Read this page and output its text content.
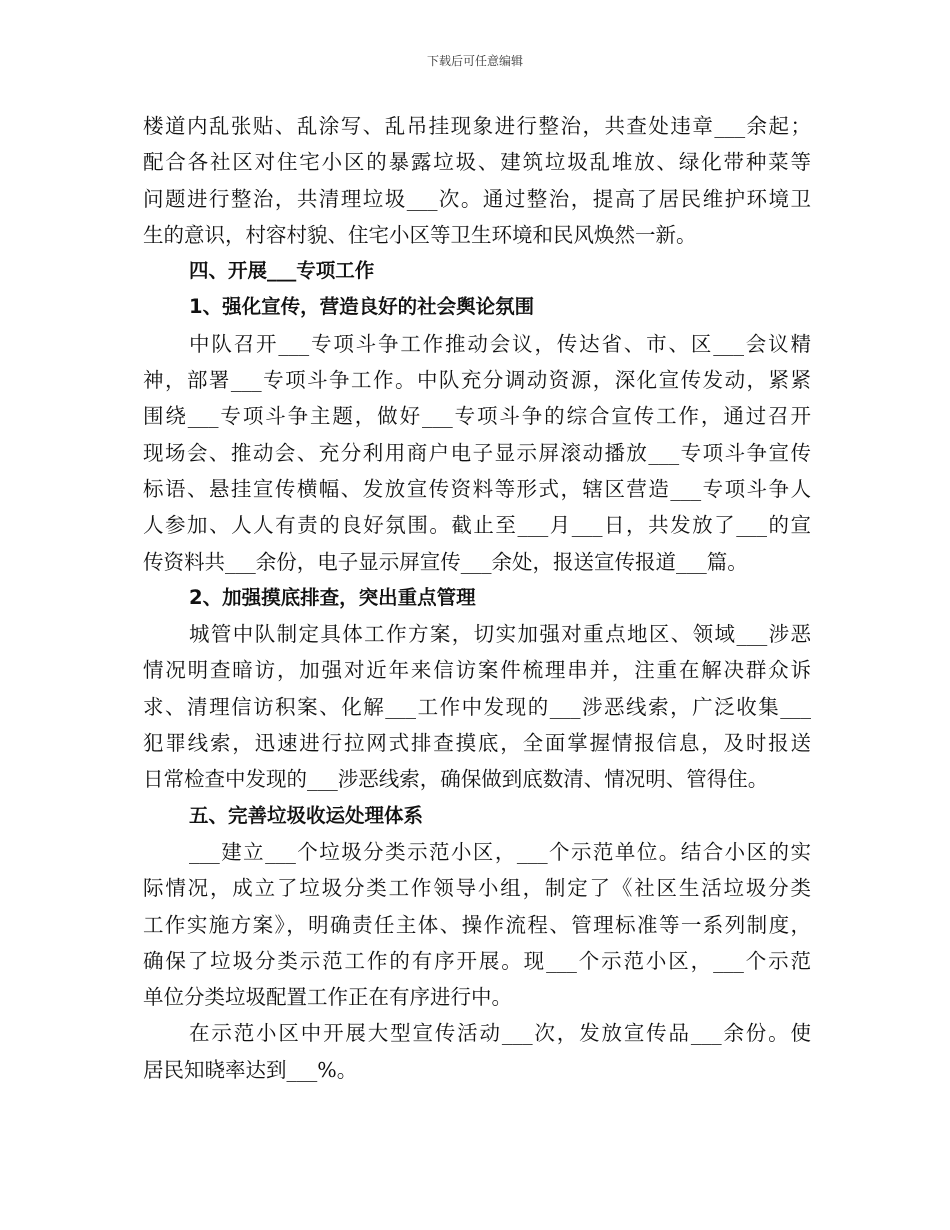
下载后可任意编辑
楼道内乱张贴、乱涂写、乱吊挂现象进行整治，共查处违章___余起；
配合各社区对住宅小区的暴露垃圾、建筑垃圾乱堆放、绿化带种菜等
问题进行整治，共清理垃圾___次。通过整治，提高了居民维护环境卫
生的意识，村容村貌、住宅小区等卫生环境和民风焕然一新。
四、开展___专项工作
1、强化宣传，营造良好的社会舆论氛围
中队召开___专项斗争工作推动会议，传达省、市、区___会议精
神，部署___专项斗争工作。中队充分调动资源，深化宣传发动，紧紧
围绕___专项斗争主题，做好___专项斗争的综合宣传工作，通过召开
现场会、推动会、充分利用商户电子显示屏滚动播放___专项斗争宣传
标语、悬挂宣传横幅、发放宣传资料等形式，辖区营造___专项斗争人
人参加、人人有责的良好氛围。截止至___月___日，共发放了___的宣
传资料共___余份，电子显示屏宣传___余处，报送宣传报道___篇。
2、加强摸底排查，突出重点管理
城管中队制定具体工作方案，切实加强对重点地区、领域___涉恶
情况明查暗访，加强对近年来信访案件梳理串并，注重在解决群众诉
求、清理信访积案、化解___工作中发现的___涉恶线索，广泛收集___
犯罪线索，迅速进行拉网式排查摸底，全面掌握情报信息，及时报送
日常检查中发现的___涉恶线索，确保做到底数清、情况明、管得住。
五、完善垃圾收运处理体系
___建立___个垃圾分类示范小区，___个示范单位。结合小区的实
际情况，成立了垃圾分类工作领导小组，制定了《社区生活垃圾分类
工作实施方案》，明确责任主体、操作流程、管理标准等一系列制度，
确保了垃圾分类示范工作的有序开展。现___个示范小区，___个示范
单位分类垃圾配置工作正在有序进行中。
在示范小区中开展大型宣传活动___次，发放宣传品___余份。使
居民知晓率达到___%。
